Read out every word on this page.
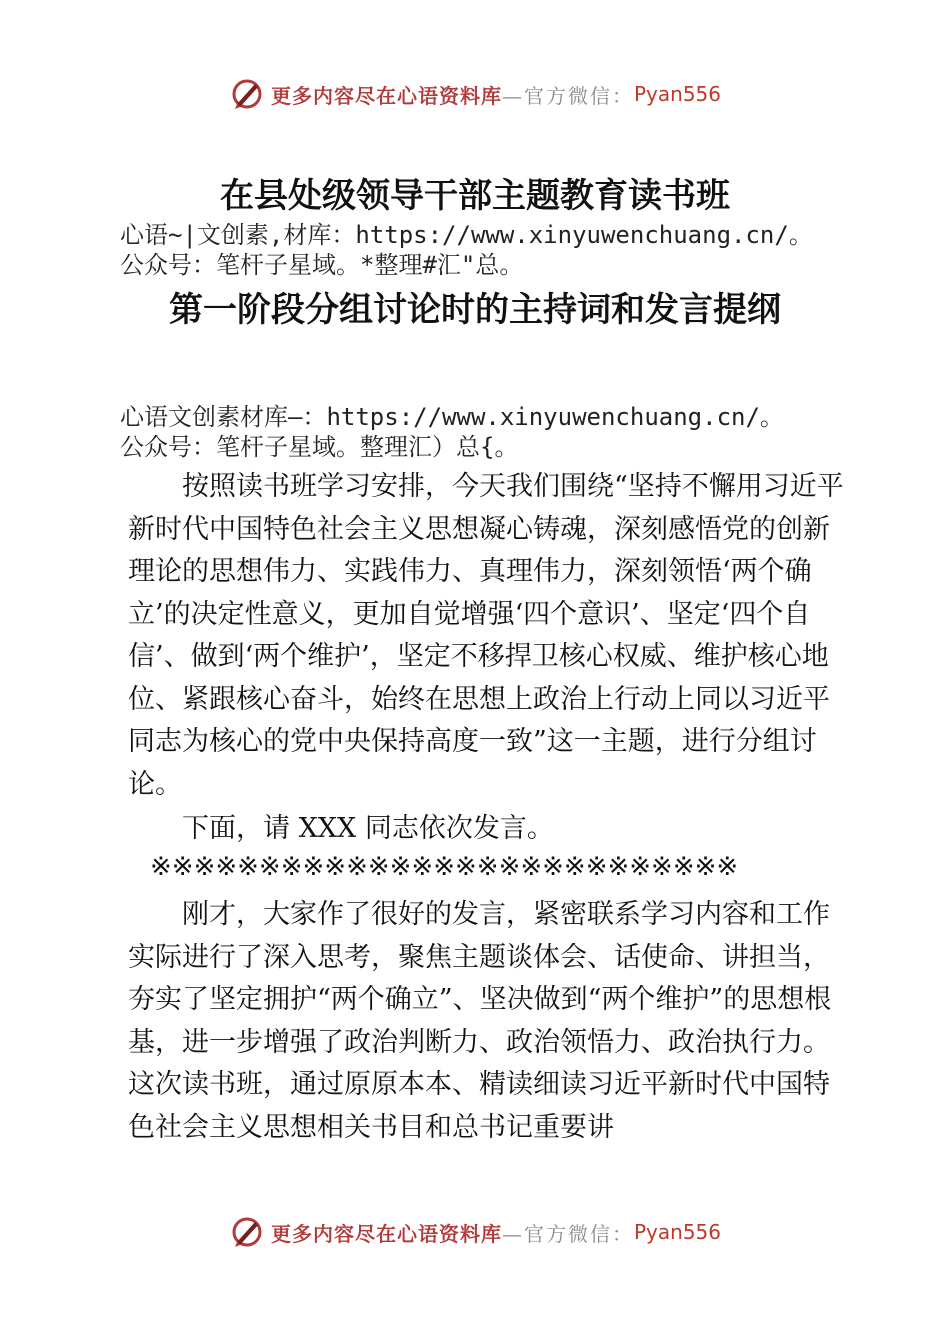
更多内容尽在心语资料库 —官方微信： Pyan556
在县处级领导干部主题教育读书班
心语~|文创素,材库：https://www.xinyuwenchuang.cn/。
公众号：笔杆子星域。*整理#汇"总。
第一阶段分组讨论时的主持词和发言提纲
心语文创素材库—：https://www.xinyuwenchuang.cn/。
公众号：笔杆子星域。整理汇）总{。

按照读书班学习安排，今天我们围绕“坚持不懈用习近平新时代中国特色社会主义思想凝心铸魂，深刻感悟党的创新理论的思想伟力、实践伟力、真理伟力，深刻领悟‘两个确立’的决定性意义，更加自觉增强‘四个意识’、坚定‘四个自信’、做到‘两个维护’，坚定不移捍卫核心权威、维护核心地位、紧跟核心奋斗，始终在思想上政治上行动上同以习近平同志为核心的党中央保持高度一致”这一主题，进行分组讨论。

下面，请 XXX 同志依次发言。

※※※※※※※※※※※※※※※※※※※※※※※※※※※

刚才，大家作了很好的发言，紧密联系学习内容和工作实际进行了深入思考，聚焦主题谈体会、话使命、讲担当，夯实了坚定拥护“两个确立”、坚决做到“两个维护”的思想根基，进一步增强了政治判断力、政治领悟力、政治执行力。这次读书班，通过原原本本、精读细读习近平新时代中国特色社会主义思想相关书目和总书记重要讲

更多内容尽在心语资料库 —官方微信： Pyan556
